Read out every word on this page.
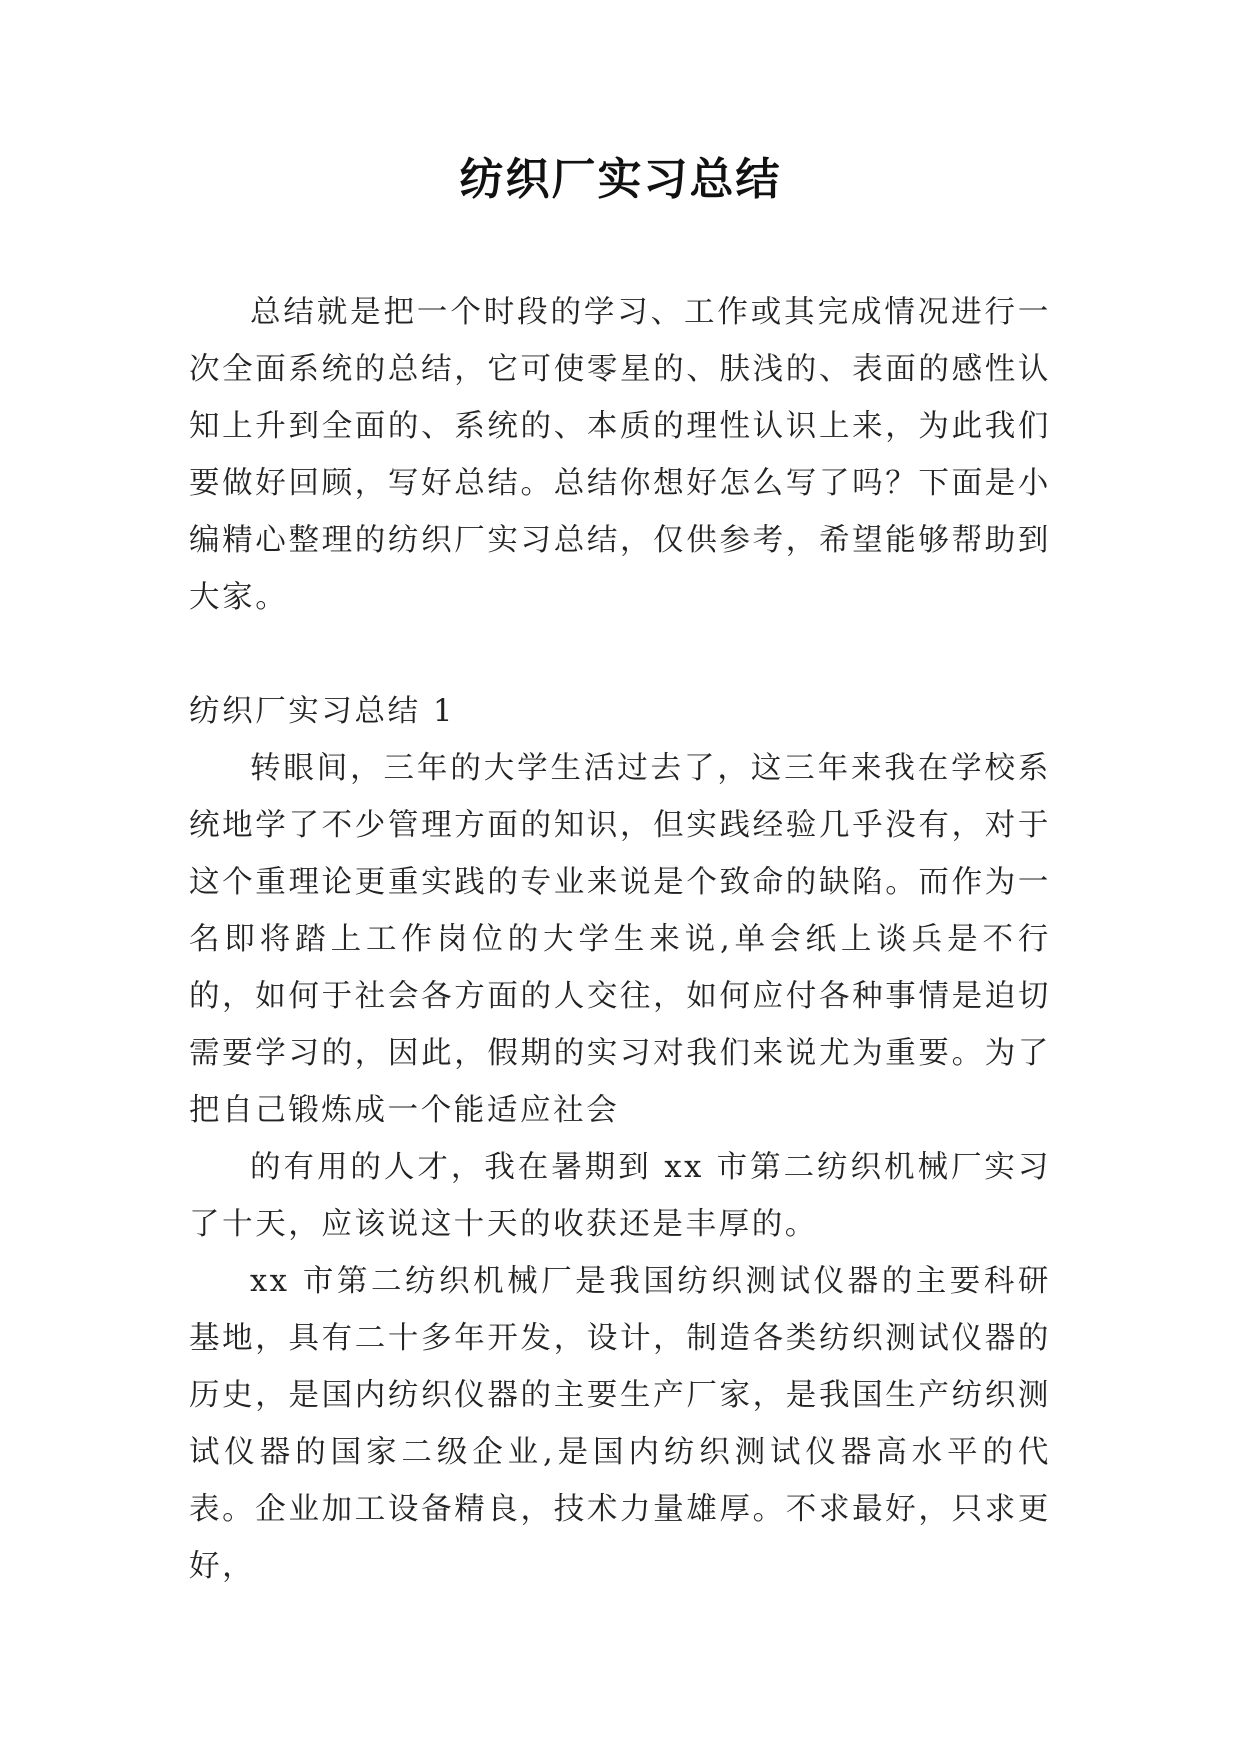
纺织厂实习总结

总结就是把一个时段的学习、工作或其完成情况进行一次全面系统的总结，它可使零星的、肤浅的、表面的感性认知上升到全面的、系统的、本质的理性认识上来，为此我们要做好回顾，写好总结。总结你想好怎么写了吗？下面是小编精心整理的纺织厂实习总结，仅供参考，希望能够帮助到大家。

纺织厂实习总结 1

转眼间，三年的大学生活过去了，这三年来我在学校系统地学了不少管理方面的知识，但实践经验几乎没有，对于这个重理论更重实践的专业来说是个致命的缺陷。而作为一名即将踏上工作岗位的大学生来说,单会纸上谈兵是不行的，如何于社会各方面的人交往，如何应付各种事情是迫切需要学习的，因此，假期的实习对我们来说尤为重要。为了把自己锻炼成一个能适应社会

的有用的人才，我在暑期到 xx 市第二纺织机械厂实习了十天，应该说这十天的收获还是丰厚的。

xx 市第二纺织机械厂是我国纺织测试仪器的主要科研基地，具有二十多年开发，设计，制造各类纺织测试仪器的历史，是国内纺织仪器的主要生产厂家，是我国生产纺织测试仪器的国家二级企业,是国内纺织测试仪器高水平的代表。企业加工设备精良，技术力量雄厚。不求最好，只求更好，
